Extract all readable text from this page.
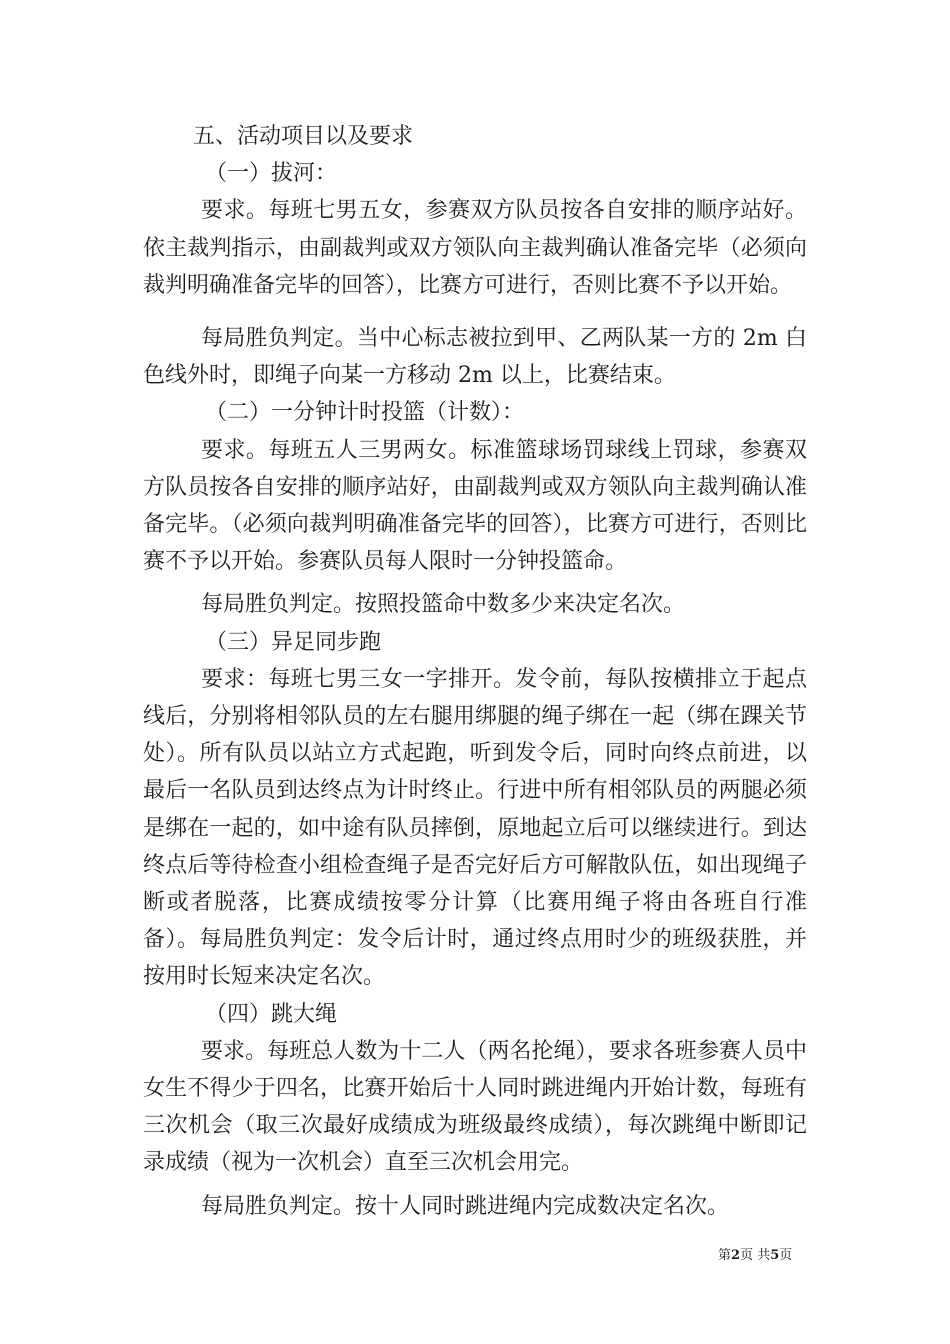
五、活动项目以及要求

（一）拔河：

要求。每班七男五女，参赛双方队员按各自安排的顺序站好。依主裁判指示，由副裁判或双方领队向主裁判确认准备完毕（必须向裁判明确准备完毕的回答），比赛方可进行，否则比赛不予以开始。

每局胜负判定。当中心标志被拉到甲、乙两队某一方的 2m 白色线外时，即绳子向某一方移动 2m 以上，比赛结束。

（二）一分钟计时投篮（计数）：

要求。每班五人三男两女。标准篮球场罚球线上罚球，参赛双方队员按各自安排的顺序站好，由副裁判或双方领队向主裁判确认准备完毕。（必须向裁判明确准备完毕的回答），比赛方可进行，否则比赛不予以开始。参赛队员每人限时一分钟投篮命。

每局胜负判定。按照投篮命中数多少来决定名次。

（三）异足同步跑

要求：每班七男三女一字排开。发令前，每队按横排立于起点线后，分别将相邻队员的左右腿用绑腿的绳子绑在一起（绑在踝关节处）。所有队员以站立方式起跑，听到发令后，同时向终点前进，以最后一名队员到达终点为计时终止。行进中所有相邻队员的两腿必须是绑在一起的，如中途有队员摔倒，原地起立后可以继续进行。到达终点后等待检查小组检查绳子是否完好后方可解散队伍，如出现绳子断或者脱落，比赛成绩按零分计算（比赛用绳子将由各班自行准备）。每局胜负判定：发令后计时，通过终点用时少的班级获胜，并按用时长短来决定名次。

（四）跳大绳

要求。每班总人数为十二人（两名抡绳），要求各班参赛人员中女生不得少于四名，比赛开始后十人同时跳进绳内开始计数，每班有三次机会（取三次最好成绩成为班级最终成绩），每次跳绳中断即记录成绩（视为一次机会）直至三次机会用完。

每局胜负判定。按十人同时跳进绳内完成数决定名次。

第2页 共5页
